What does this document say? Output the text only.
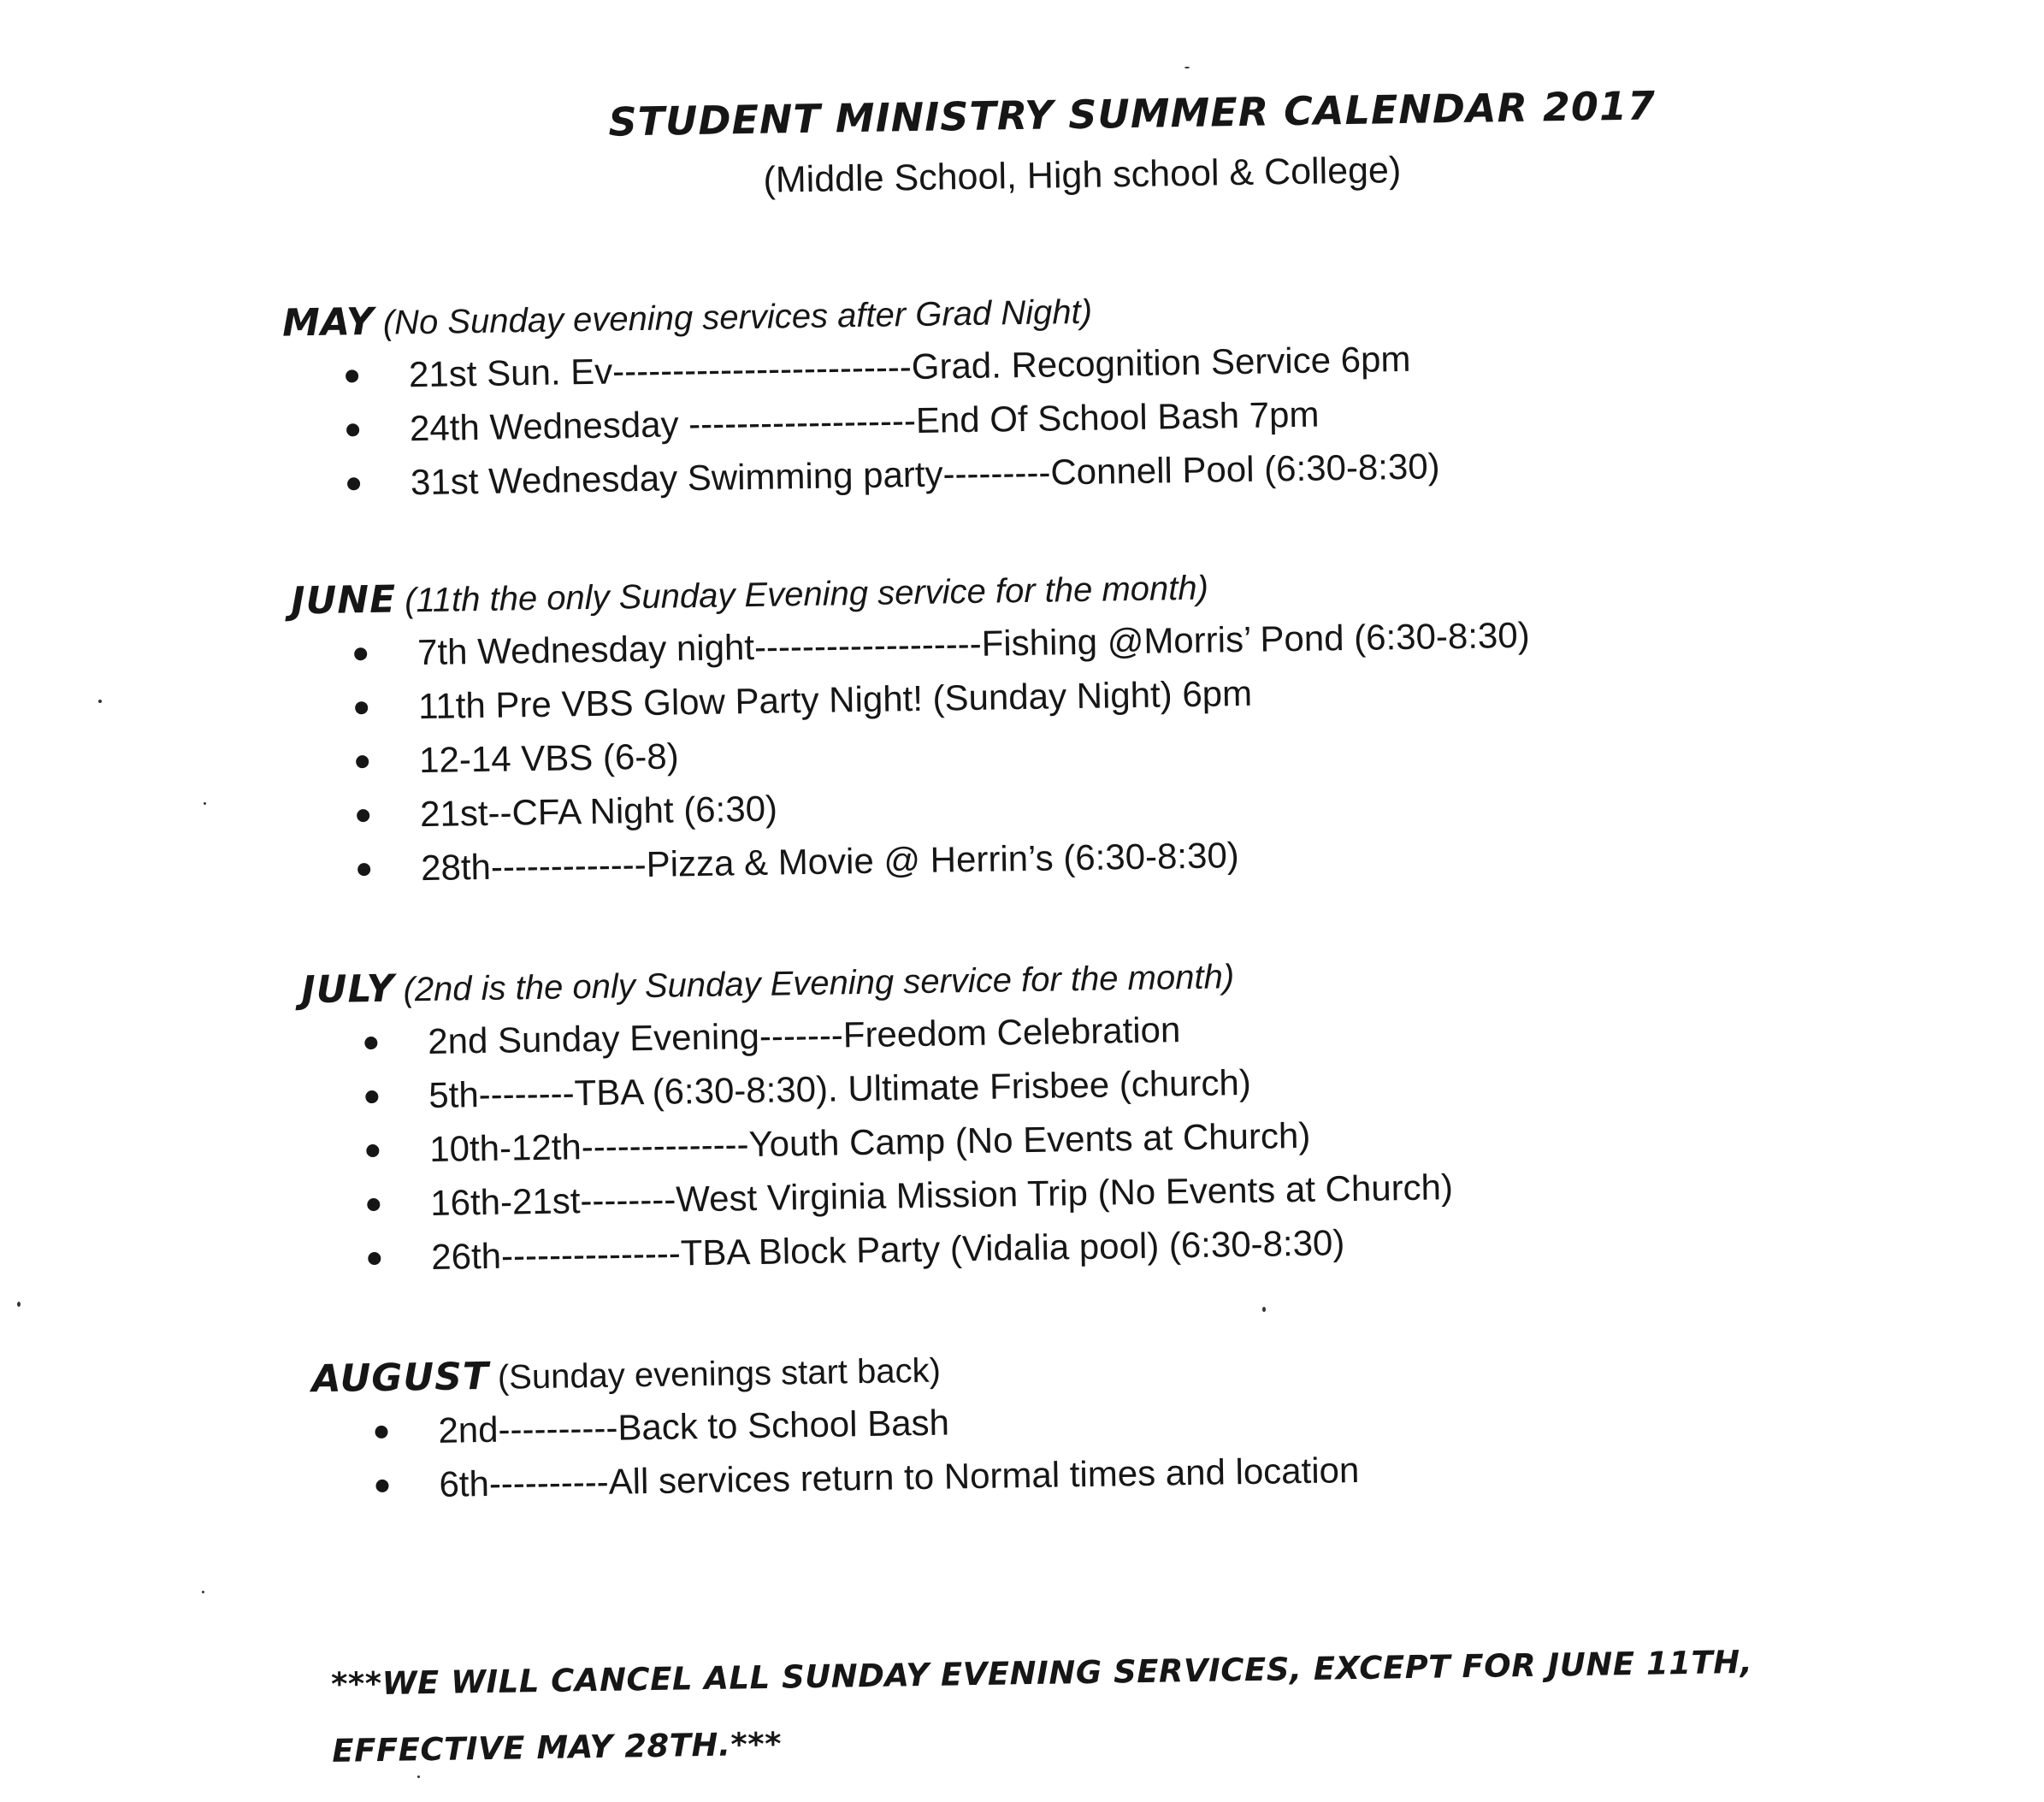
STUDENT MINISTRY SUMMER CALENDAR 2017
(Middle School, High school & College)
MAY (No Sunday evening services after Grad Night)
21st Sun. Ev-------------------------Grad. Recognition Service 6pm
24th Wednesday -------------------End Of School Bash 7pm
31st Wednesday Swimming party---------Connell Pool (6:30-8:30)
JUNE (11th the only Sunday Evening service for the month)
7th Wednesday night-------------------Fishing @Morris’ Pond (6:30-8:30)
11th Pre VBS Glow Party Night! (Sunday Night) 6pm
12-14 VBS (6-8)
21st--CFA Night (6:30)
28th-------------Pizza & Movie @ Herrin’s (6:30-8:30)
JULY (2nd is the only Sunday Evening service for the month)
2nd Sunday Evening-------Freedom Celebration
5th--------TBA (6:30-8:30). Ultimate Frisbee (church)
10th-12th--------------Youth Camp (No Events at Church)
16th-21st--------West Virginia Mission Trip (No Events at Church)
26th---------------TBA Block Party (Vidalia pool) (6:30-8:30)
AUGUST (Sunday evenings start back)
2nd----------Back to School Bash
6th----------All services return to Normal times and location
***WE WILL CANCEL ALL SUNDAY EVENING SERVICES, EXCEPT FOR JUNE 11TH, EFFECTIVE MAY 28TH.***
